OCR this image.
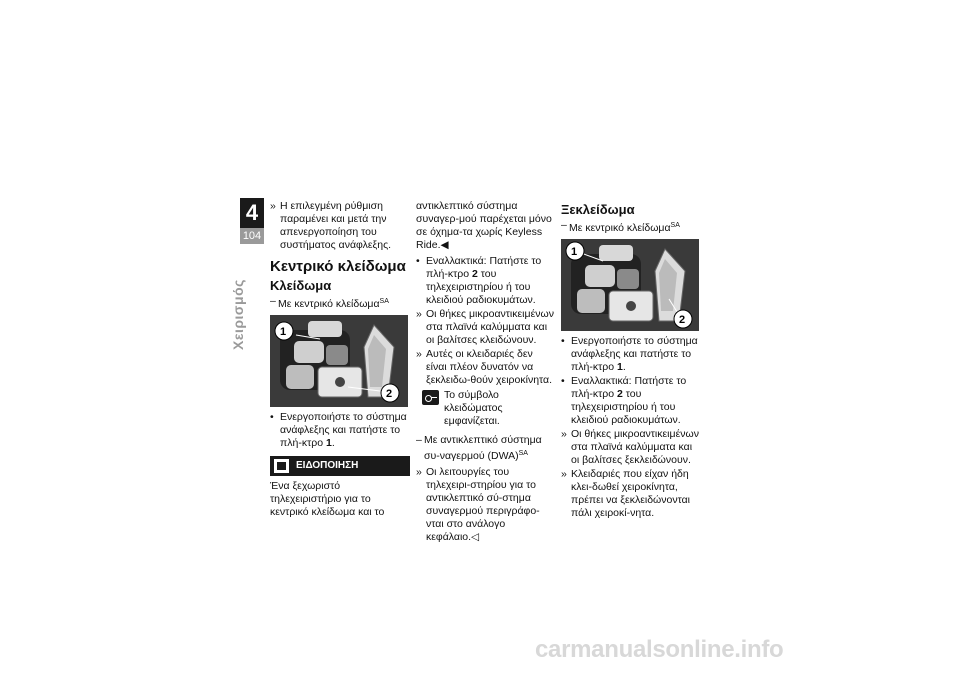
4
104
Χειρισμός
» Η επιλεγμένη ρύθμιση παραμένει και μετά την απενεργοποίηση του συστήματος ανάφλεξης.
Κεντρικό κλείδωμα
Κλείδωμα
– Με κεντρικό κλείδωμα$^{SA}$
1
2
• Ενεργοποιήστε το σύστημα ανάφλεξης και πατήστε το πλή-κτρο 1.
ΕΙΔΟΠΟΙΗΣΗ
Ένα ξεχωριστό τηλεχειριστήριο για το κεντρικό κλείδωμα και το
αντικλεπτικό σύστημα συναγερ-μού παρέχεται μόνο σε όχημα-τα χωρίς Keyless Ride.◀
• Εναλλακτικά: Πατήστε το πλή-κτρο 2 του τηλεχειριστηρίου ή του κλειδιού ραδιοκυμάτων.
» Οι θήκες μικροαντικειμένων στα πλαϊνά καλύμματα και οι βαλίτσες κλειδώνουν.
» Αυτές οι κλειδαριές δεν είναι πλέον δυνατόν να ξεκλειδω-θούν χειροκίνητα.
Το σύμβολο κλειδώματος εμφανίζεται.
– Με αντικλεπτικό σύστημα συ-ναγερμού (DWA)$^{SA}$
» Οι λειτουργίες του τηλεχειρι-στηρίου για το αντικλεπτικό σύ-στημα συναγερμού περιγράφο-νται στο ανάλογο κεφάλαιο.◁
Ξεκλείδωμα
– Με κεντρικό κλείδωμα$^{SA}$
1
2
• Ενεργοποιήστε το σύστημα ανάφλεξης και πατήστε το πλή-κτρο 1.
• Εναλλακτικά: Πατήστε το πλή-κτρο 2 του τηλεχειριστηρίου ή του κλειδιού ραδιοκυμάτων.
» Οι θήκες μικροαντικειμένων στα πλαϊνά καλύμματα και οι βαλίτσες ξεκλειδώνουν.
» Κλειδαριές που είχαν ήδη κλει-δωθεί χειροκίνητα, πρέπει να ξεκλειδώνονται πάλι χειροκί-νητα.
carmanualsonline.info
